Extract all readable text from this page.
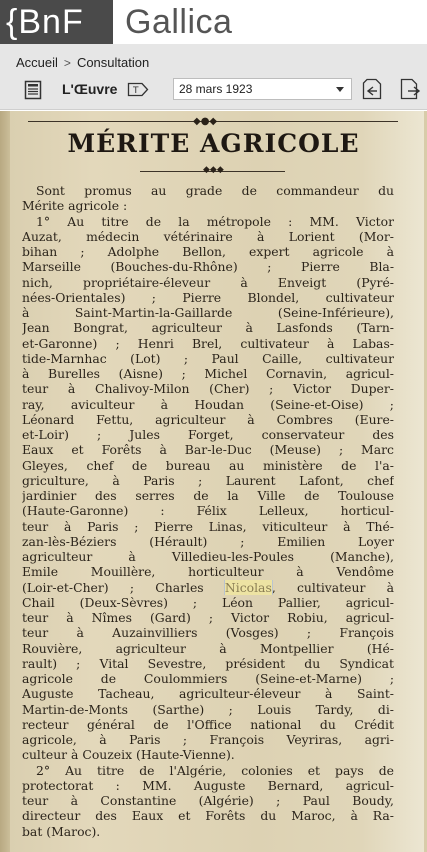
{BnF	Gallica
Accueil > Consultation
L'Œuvre T	28 mars 1923
◆●◆
MÉRITE AGRICOLE
◆◆◆
Sont promus au grade de commandeur du
Mérite agricole :
1° Au titre de la métropole : MM. Victor
Auzat, médecin vétérinaire à Lorient (Mor-
bihan ; Adolphe Bellon, expert agricole à
Marseille (Bouches-du-Rhône) ; Pierre Bla-
nich, propriétaire-éleveur à Enveigt (Pyré-
nées-Orientales) ; Pierre Blondel, cultivateur
à Saint-Martin-la-Gaillarde (Seine-Inférieure),
Jean Bongrat, agriculteur à Lasfonds (Tarn-
et-Garonne) ; Henri Brel, cultivateur à Labas-
tide-Marnhac (Lot) ; Paul Caille, cultivateur
à Burelles (Aisne) ; Michel Cornavin, agricul-
teur à Chalivoy-Milon (Cher) ; Victor Duper-
ray, aviculteur à Houdan (Seine-et-Oise) ;
Léonard Fettu, agriculteur à Combres (Eure-
et-Loir) ; Jules Forget, conservateur des
Eaux et Forêts à Bar-le-Duc (Meuse) ; Marc
Gleyes, chef de bureau au ministère de l'a-
griculture, à Paris ; Laurent Lafont, chef
jardinier des serres de la Ville de Toulouse
(Haute-Garonne) : Félix Lelleux, horticul-
teur à Paris ; Pierre Linas, viticulteur à Thé-
zan-lès-Béziers (Hérault) ; Emilien Loyer
agriculteur à Villedieu-les-Poules (Manche),
Emile Mouillère, horticulteur à Vendôme
(Loir-et-Cher) ; Charles Nicolas, cultivateur à
Chail (Deux-Sèvres) ; Léon Pallier, agricul-
teur à Nîmes (Gard) ; Victor Robiu, agricul-
teur à Auzainvilliers (Vosges) ; François
Rouvière, agriculteur à Montpellier (Hé-
rault) ; Vital Sevestre, président du Syndicat
agricole de Coulommiers (Seine-et-Marne) ;
Auguste Tacheau, agriculteur-éleveur à Saint-
Martin-de-Monts (Sarthe) ; Louis Tardy, di-
recteur général de l'Office national du Crédit
agricole, à Paris ; François Veyriras, agri-
culteur à Couzeix (Haute-Vienne).
2° Au titre de l'Algérie, colonies et pays de
protectorat : MM. Auguste Bernard, agricul-
teur à Constantine (Algérie) ; Paul Boudy,
directeur des Eaux et Forêts du Maroc, à Ra-
bat (Maroc).
